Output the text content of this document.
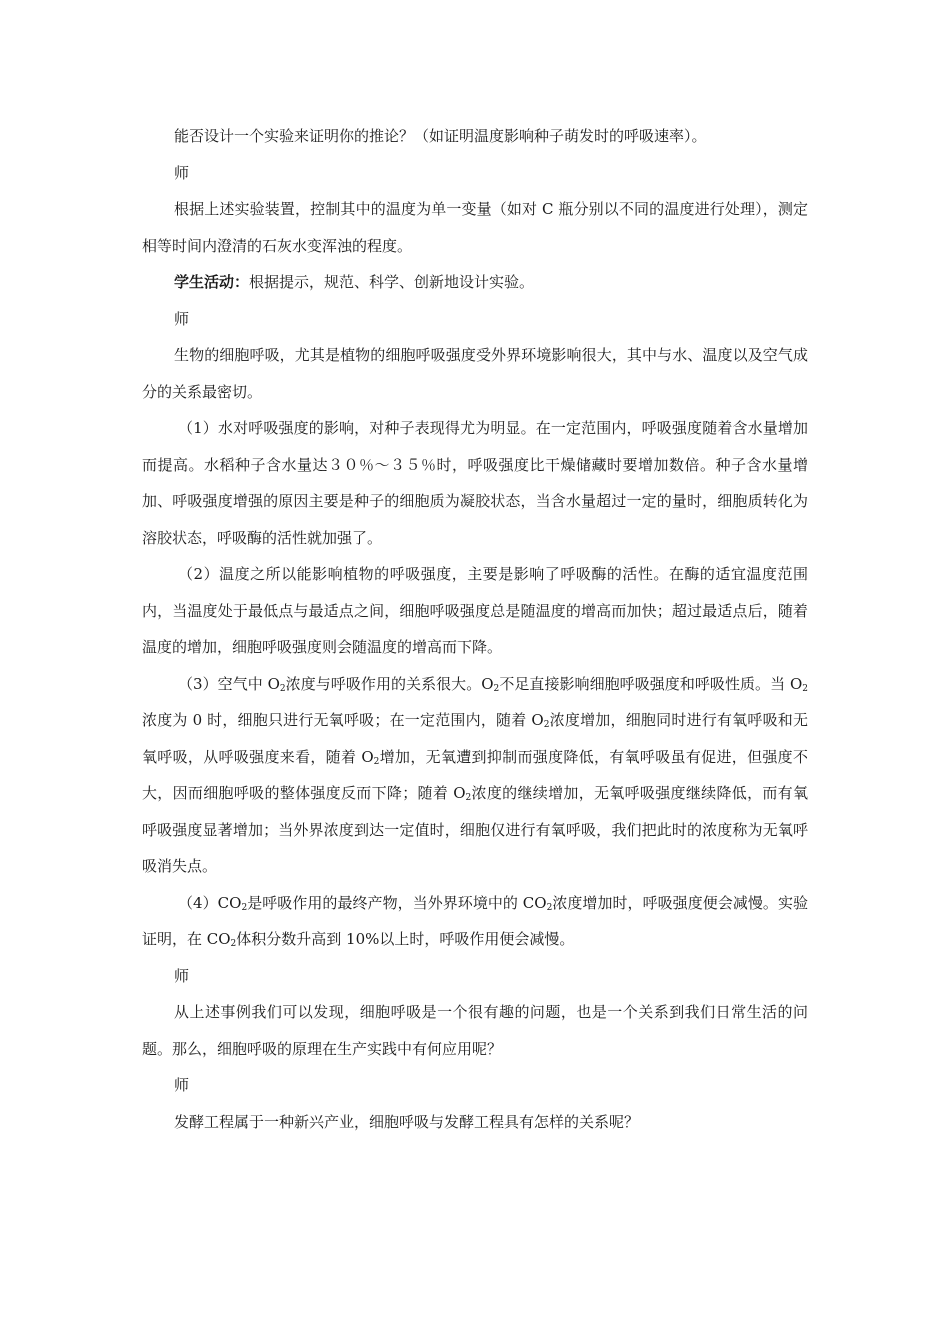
能否设计一个实验来证明你的推论？（如证明温度影响种子萌发时的呼吸速率）。

师

根据上述实验装置，控制其中的温度为单一变量（如对 C 瓶分别以不同的温度进行处理），测定相等时间内澄清的石灰水变浑浊的程度。

学生活动：根据提示，规范、科学、创新地设计实验。

师

生物的细胞呼吸，尤其是植物的细胞呼吸强度受外界环境影响很大，其中与水、温度以及空气成分的关系最密切。

（1）水对呼吸强度的影响，对种子表现得尤为明显。在一定范围内，呼吸强度随着含水量增加而提高。水稻种子含水量达３０％～３５％时，呼吸强度比干燥储藏时要增加数倍。种子含水量增加、呼吸强度增强的原因主要是种子的细胞质为凝胶状态，当含水量超过一定的量时，细胞质转化为溶胶状态，呼吸酶的活性就加强了。

（2）温度之所以能影响植物的呼吸强度，主要是影响了呼吸酶的活性。在酶的适宜温度范围内，当温度处于最低点与最适点之间，细胞呼吸强度总是随温度的增高而加快；超过最适点后，随着温度的增加，细胞呼吸强度则会随温度的增高而下降。

（3）空气中 $O_2$浓度与呼吸作用的关系很大。$O_2$不足直接影响细胞呼吸强度和呼吸性质。当 $O_2$浓度为 0 时，细胞只进行无氧呼吸；在一定范围内，随着 $O_2$浓度增加，细胞同时进行有氧呼吸和无氧呼吸，从呼吸强度来看，随着 $O_2$增加，无氧遭到抑制而强度降低，有氧呼吸虽有促进，但强度不大，因而细胞呼吸的整体强度反而下降；随着 $O_2$浓度的继续增加，无氧呼吸强度继续降低，而有氧呼吸强度显著增加；当外界浓度到达一定值时，细胞仅进行有氧呼吸，我们把此时的浓度称为无氧呼吸消失点。

$(4)CO_2$是呼吸作用的最终产物，当外界环境中的 $CO_2$浓度增加时，呼吸强度便会减慢。实验证明，在 $CO_2$体积分数升高到 10%以上时，呼吸作用便会减慢。

师

从上述事例我们可以发现，细胞呼吸是一个很有趣的问题，也是一个关系到我们日常生活的问题。那么，细胞呼吸的原理在生产实践中有何应用呢？

师

发酵工程属于一种新兴产业，细胞呼吸与发酵工程具有怎样的关系呢？
